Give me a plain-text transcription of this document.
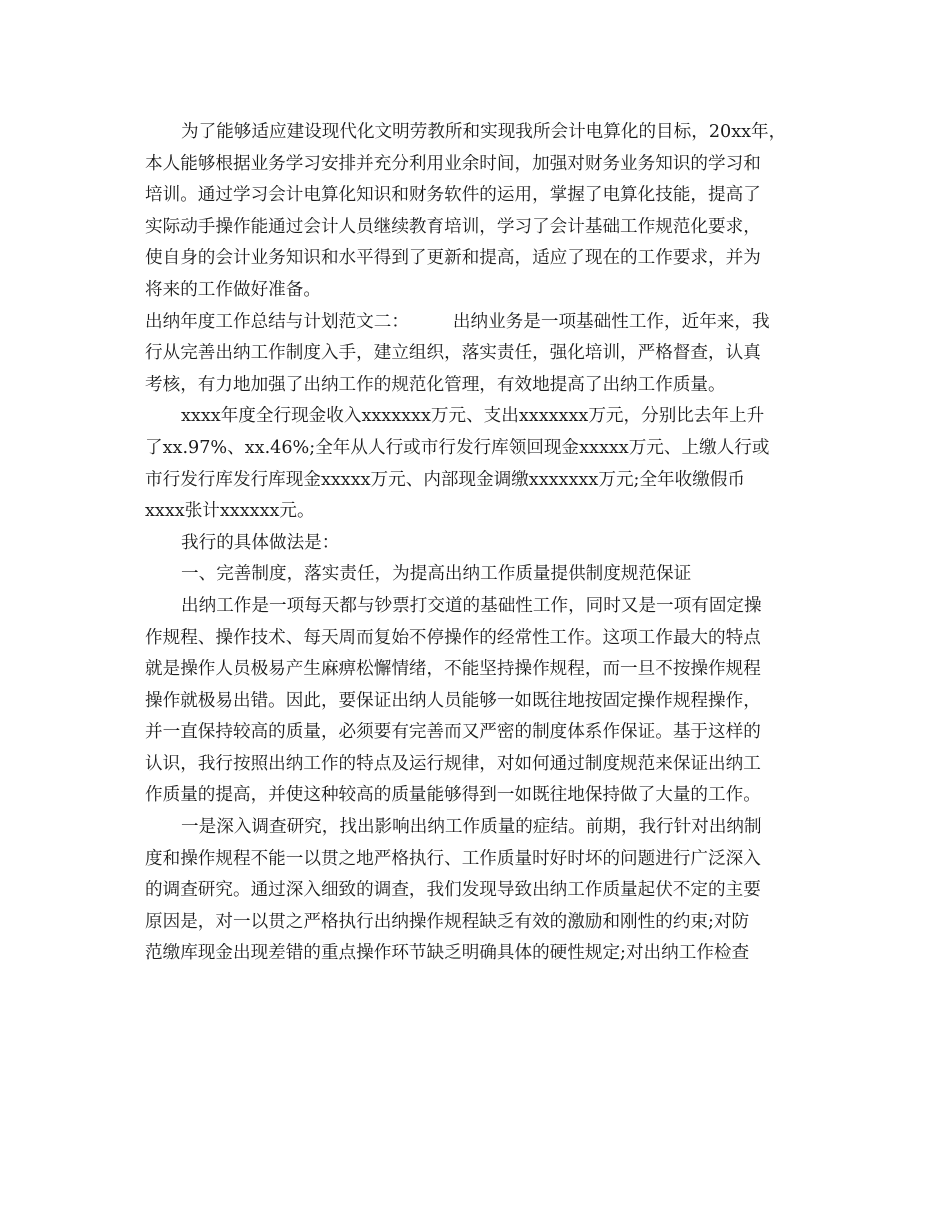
为了能够适应建设现代化文明劳教所和实现我所会计电算化的目标，20xx年，
本人能够根据业务学习安排并充分利用业余时间，加强对财务业务知识的学习和
培训。通过学习会计电算化知识和财务软件的运用，掌握了电算化技能，提高了
实际动手操作能通过会计人员继续教育培训，学习了会计基础工作规范化要求，
使自身的会计业务知识和水平得到了更新和提高，适应了现在的工作要求，并为
将来的工作做好准备。
出纳年度工作总结与计划范文二：　　　出纳业务是一项基础性工作，近年来，我
行从完善出纳工作制度入手，建立组织，落实责任，强化培训，严格督查，认真
考核，有力地加强了出纳工作的规范化管理，有效地提高了出纳工作质量。
xxxx年度全行现金收入xxxxxxx万元、支出xxxxxxx万元，分别比去年上升
了xx.97%、xx.46%;全年从人行或市行发行库领回现金xxxxx万元、上缴人行或
市行发行库发行库现金xxxxx万元、内部现金调缴xxxxxxx万元;全年收缴假币
xxxx张计xxxxxx元。
我行的具体做法是：
一、完善制度，落实责任，为提高出纳工作质量提供制度规范保证
出纳工作是一项每天都与钞票打交道的基础性工作，同时又是一项有固定操
作规程、操作技术、每天周而复始不停操作的经常性工作。这项工作最大的特点
就是操作人员极易产生麻痹松懈情绪，不能坚持操作规程，而一旦不按操作规程
操作就极易出错。因此，要保证出纳人员能够一如既往地按固定操作规程操作，
并一直保持较高的质量，必须要有完善而又严密的制度体系作保证。基于这样的
认识，我行按照出纳工作的特点及运行规律，对如何通过制度规范来保证出纳工
作质量的提高，并使这种较高的质量能够得到一如既往地保持做了大量的工作。
一是深入调查研究，找出影响出纳工作质量的症结。前期，我行针对出纳制
度和操作规程不能一以贯之地严格执行、工作质量时好时坏的问题进行广泛深入
的调查研究。通过深入细致的调查，我们发现导致出纳工作质量起伏不定的主要
原因是，对一以贯之严格执行出纳操作规程缺乏有效的激励和刚性的约束;对防
范缴库现金出现差错的重点操作环节缺乏明确具体的硬性规定;对出纳工作检查
